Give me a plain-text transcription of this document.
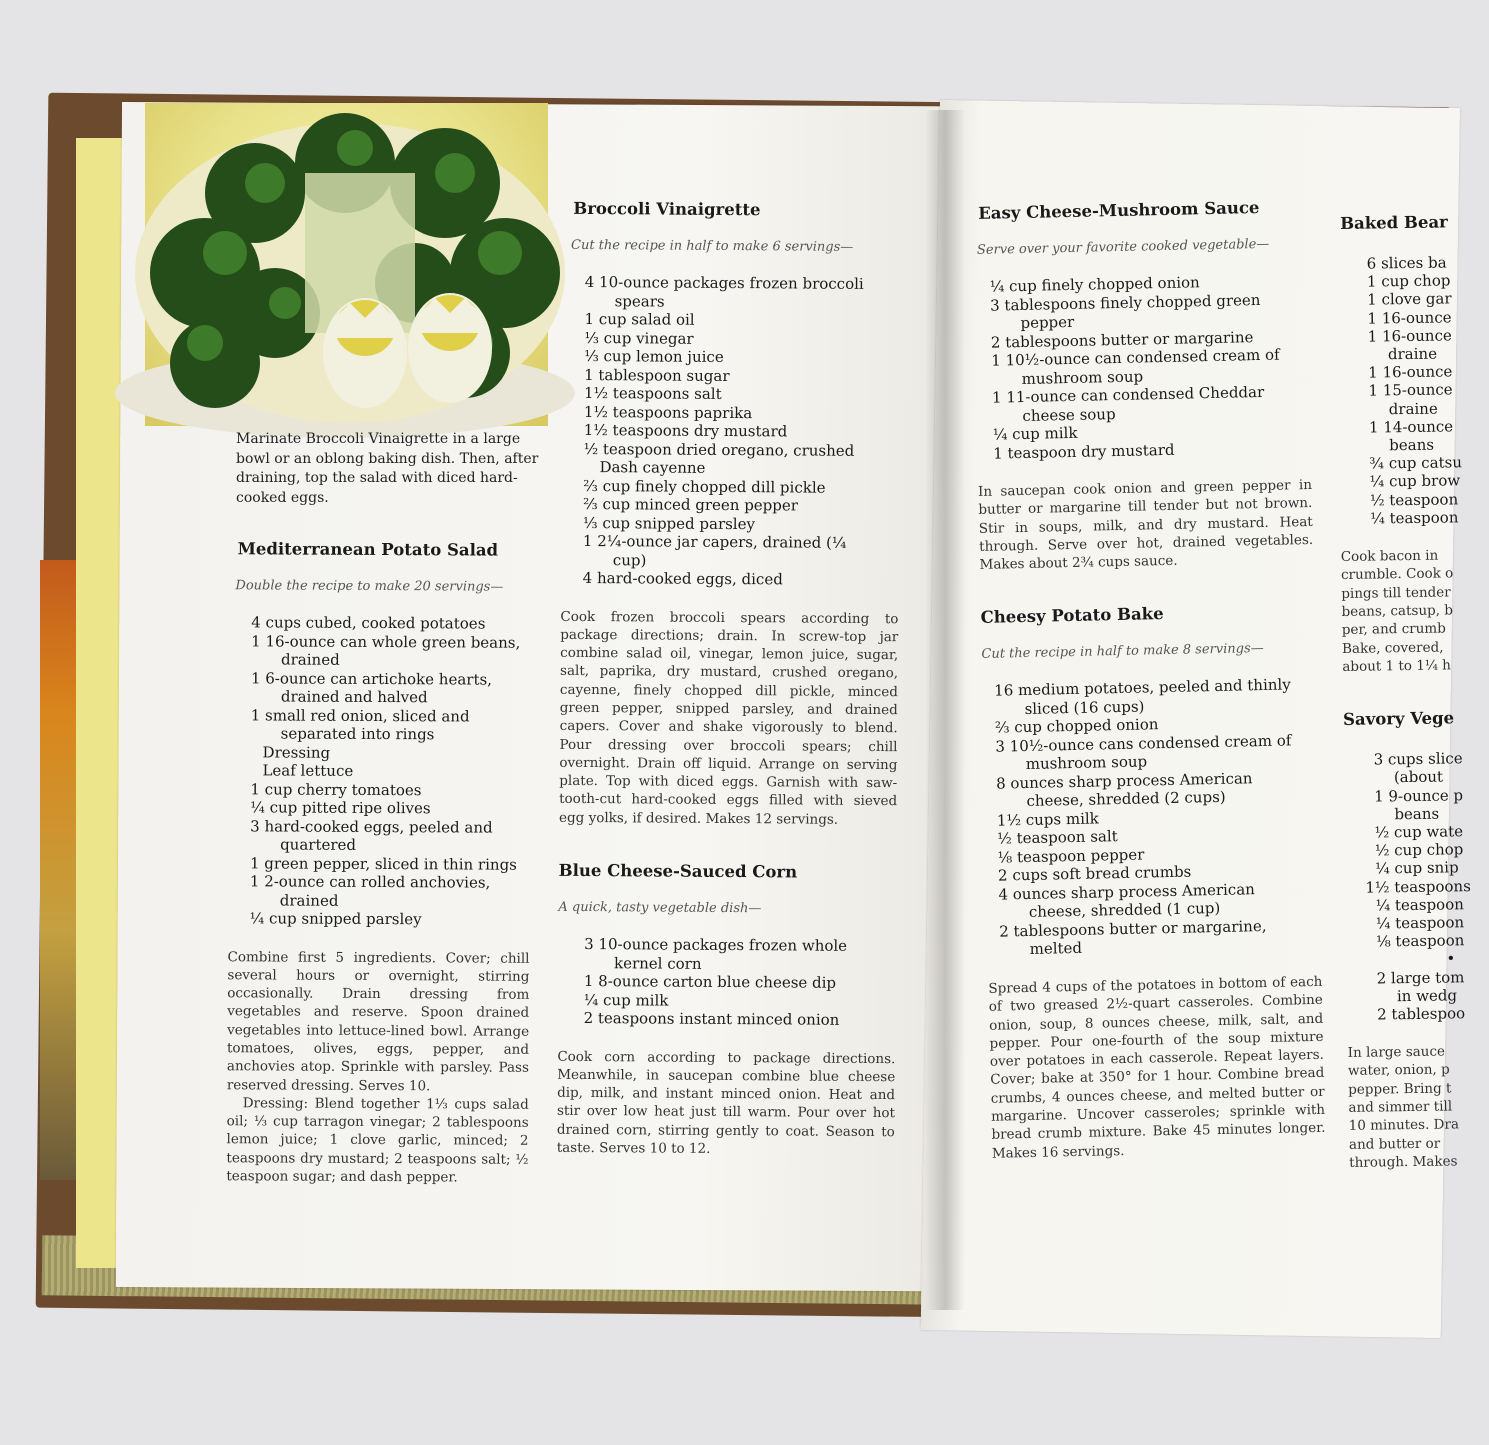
Marinate Broccoli Vinaigrette in a large bowl or an oblong baking dish. Then, after draining, top the salad with diced hard-cooked eggs.
Mediterranean Potato Salad
Double the recipe to make 20 servings—
4 cups cubed, cooked potatoes
1 16-ounce can whole green beans, drained
1 6-ounce can artichoke hearts, drained and halved
1 small red onion, sliced and separated into rings
Dressing
Leaf lettuce
1 cup cherry tomatoes
¼ cup pitted ripe olives
3 hard-cooked eggs, peeled and quartered
1 green pepper, sliced in thin rings
1 2-ounce can rolled anchovies, drained
¼ cup snipped parsley
Combine first 5 ingredients. Cover; chill several hours or overnight, stirring occasionally. Drain dressing from vegetables and reserve. Spoon drained vegetables into lettuce-lined bowl. Arrange tomatoes, olives, eggs, pepper, and anchovies atop. Sprinkle with parsley. Pass reserved dressing. Serves 10.
Dressing: Blend together 1⅓ cups salad oil; ⅓ cup tarragon vinegar; 2 tablespoons lemon juice; 1 clove garlic, minced; 2 teaspoons dry mustard; 2 teaspoons salt; ½ teaspoon sugar; and dash pepper.
Broccoli Vinaigrette
Cut the recipe in half to make 6 servings—
4 10-ounce packages frozen broccoli spears
1 cup salad oil
⅓ cup vinegar
⅓ cup lemon juice
1 tablespoon sugar
1½ teaspoons salt
1½ teaspoons paprika
1½ teaspoons dry mustard
½ teaspoon dried oregano, crushed
Dash cayenne
⅔ cup finely chopped dill pickle
⅔ cup minced green pepper
⅓ cup snipped parsley
1 2¼-ounce jar capers, drained (¼ cup)
4 hard-cooked eggs, diced
Cook frozen broccoli spears according to package directions; drain. In screw-top jar combine salad oil, vinegar, lemon juice, sugar, salt, paprika, dry mustard, crushed oregano, cayenne, finely chopped dill pickle, minced green pepper, snipped parsley, and drained capers. Cover and shake vigorously to blend. Pour dressing over broccoli spears; chill overnight. Drain off liquid. Arrange on serving plate. Top with diced eggs. Garnish with saw-tooth-cut hard-cooked eggs filled with sieved egg yolks, if desired. Makes 12 servings.
Blue Cheese-Sauced Corn
A quick, tasty vegetable dish—
3 10-ounce packages frozen whole kernel corn
1 8-ounce carton blue cheese dip
¼ cup milk
2 teaspoons instant minced onion
Cook corn according to package directions. Meanwhile, in saucepan combine blue cheese dip, milk, and instant minced onion. Heat and stir over low heat just till warm. Pour over hot drained corn, stirring gently to coat. Season to taste. Serves 10 to 12.
Easy Cheese-Mushroom Sauce
Serve over your favorite cooked vegetable—
¼ cup finely chopped onion
3 tablespoons finely chopped green pepper
2 tablespoons butter or margarine
1 10½-ounce can condensed cream of mushroom soup
1 11-ounce can condensed Cheddar cheese soup
¼ cup milk
1 teaspoon dry mustard
In saucepan cook onion and green pepper in butter or margarine till tender but not brown. Stir in soups, milk, and dry mustard. Heat through. Serve over hot, drained vegetables. Makes about 2¾ cups sauce.
Cheesy Potato Bake
Cut the recipe in half to make 8 servings—
16 medium potatoes, peeled and thinly sliced (16 cups)
⅔ cup chopped onion
3 10½-ounce cans condensed cream of mushroom soup
8 ounces sharp process American cheese, shredded (2 cups)
1½ cups milk
½ teaspoon salt
⅛ teaspoon pepper
2 cups soft bread crumbs
4 ounces sharp process American cheese, shredded (1 cup)
2 tablespoons butter or margarine, melted
Spread 4 cups of the potatoes in bottom of each of two greased 2½-quart casseroles. Combine onion, soup, 8 ounces cheese, milk, salt, and pepper. Pour one-fourth of the soup mixture over potatoes in each casserole. Repeat layers. Cover; bake at 350° for 1 hour. Combine bread crumbs, 4 ounces cheese, and melted butter or margarine. Uncover casseroles; sprinkle with bread crumb mixture. Bake 45 minutes longer. Makes 16 servings.
Baked Bear
6 slices ba
1 cup chop
1 clove gar
1 16-ounce
1 16-ounce
draine
1 16-ounce
1 15-ounce
draine
1 14-ounce
beans
¾ cup catsu
¼ cup brow
½ teaspoon
¼ teaspoon
Cook bacon in
crumble. Cook o
pings till tender
beans, catsup, b
per, and crumb
Bake, covered,
about 1 to 1¼ h
Savory Vege
3 cups slice
(about
1 9-ounce p
beans
½ cup wate
½ cup chop
¼ cup snip
1½ teaspoons
¼ teaspoon
¼ teaspoon
⅛ teaspoon
•
2 large tom
in wedg
2 tablespoo
In large sauce
water, onion, p
pepper. Bring t
and simmer till
10 minutes. Dra
and butter or
through. Makes
